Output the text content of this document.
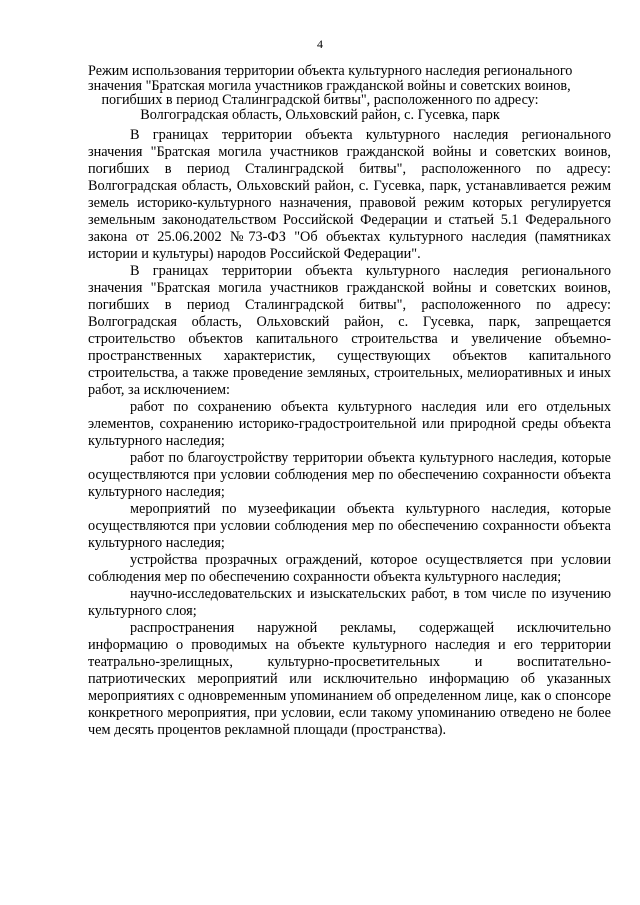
4
Режим использования территории объекта культурного наследия регионального
значения "Братская могила участников гражданской войны и советских воинов,
погибших в период Сталинградской битвы", расположенного по адресу:
Волгоградская область, Ольховский район, с. Гусевка, парк

В границах территории объекта культурного наследия регионального значения "Братская могила участников гражданской войны и советских воинов, погибших в период Сталинградской битвы", расположенного по адресу: Волгоградская область, Ольховский район, с. Гусевка, парк, устанавливается режим земель историко-культурного назначения, правовой режим которых регулируется земельным законодательством Российской Федерации и статьей 5.1 Федерального закона от 25.06.2002 №73-ФЗ "Об объектах культурного наследия (памятниках истории и культуры) народов Российской Федерации".

В границах территории объекта культурного наследия регионального значения "Братская могила участников гражданской войны и советских воинов, погибших в период Сталинградской битвы", расположенного по адресу: Волгоградская область, Ольховский район, с. Гусевка, парк, запрещается строительство объектов капитального строительства и увеличение объемно-пространственных характеристик, существующих объектов капитального строительства, а также проведение земляных, строительных, мелиоративных и иных работ, за исключением:

работ по сохранению объекта культурного наследия или его отдельных элементов, сохранению историко-градостроительной или природной среды объекта культурного наследия;

работ по благоустройству территории объекта культурного наследия, которые осуществляются при условии соблюдения мер по обеспечению сохранности объекта культурного наследия;

мероприятий по музеефикации объекта культурного наследия, которые осуществляются при условии соблюдения мер по обеспечению сохранности объекта культурного наследия;

устройства прозрачных ограждений, которое осуществляется при условии соблюдения мер по обеспечению сохранности объекта культурного наследия;

научно-исследовательских и изыскательских работ, в том числе по изучению культурного слоя;

распространения наружной рекламы, содержащей исключительно информацию о проводимых на объекте культурного наследия и его территории театрально-зрелищных, культурно-просветительных и воспитательно-патриотических мероприятий или исключительно информацию об указанных мероприятиях с одновременным упоминанием об определенном лице, как о спонсоре конкретного мероприятия, при условии, если такому упоминанию отведено не более чем десять процентов рекламной площади (пространства).
